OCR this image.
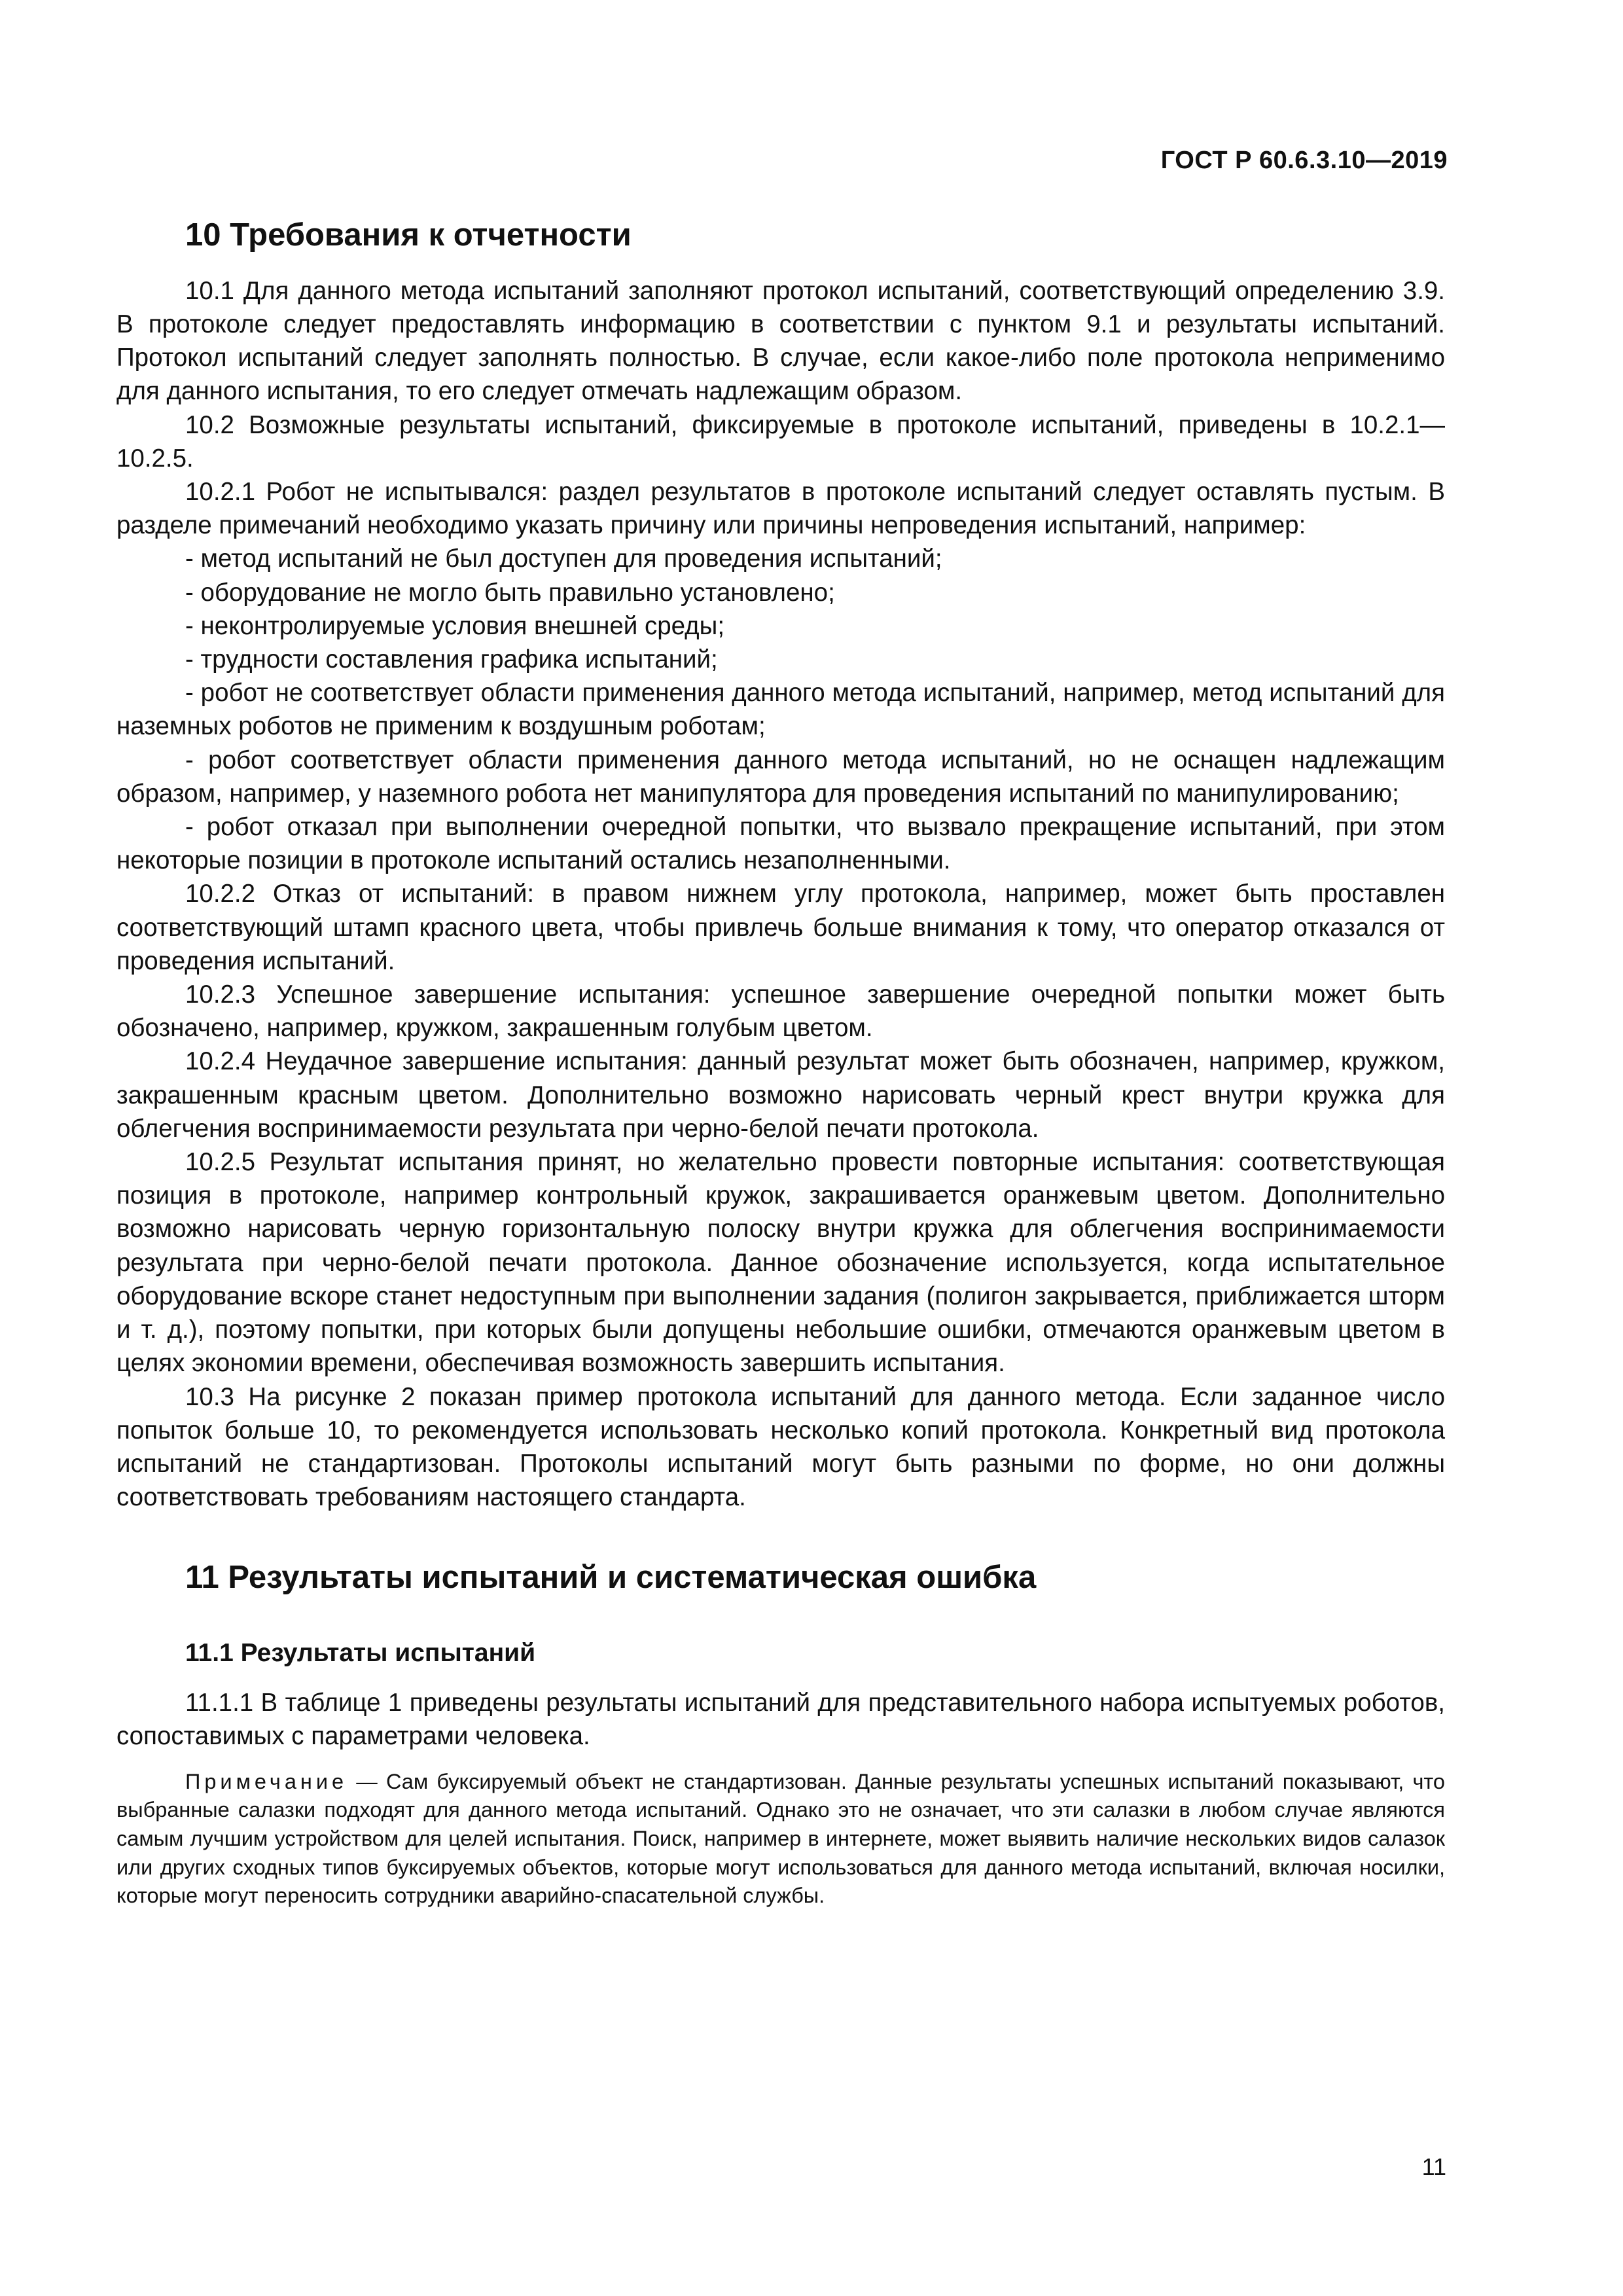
ГОСТ Р 60.6.3.10—2019
10 Требования к отчетности

10.1 Для данного метода испытаний заполняют протокол испытаний, соответствующий определению 3.9. В протоколе следует предоставлять информацию в соответствии с пунктом 9.1 и результаты испытаний. Протокол испытаний следует заполнять полностью. В случае, если какое-либо поле протокола неприменимо для данного испытания, то его следует отмечать надлежащим образом.

10.2 Возможные результаты испытаний, фиксируемые в протоколе испытаний, приведены в 10.2.1—10.2.5.

10.2.1 Робот не испытывался: раздел результатов в протоколе испытаний следует оставлять пустым. В разделе примечаний необходимо указать причину или причины непроведения испытаний, например:

- метод испытаний не был доступен для проведения испытаний;

- оборудование не могло быть правильно установлено;

- неконтролируемые условия внешней среды;

- трудности составления графика испытаний;

- робот не соответствует области применения данного метода испытаний, например, метод испытаний для наземных роботов не применим к воздушным роботам;

- робот соответствует области применения данного метода испытаний, но не оснащен надлежащим образом, например, у наземного робота нет манипулятора для проведения испытаний по манипулированию;

- робот отказал при выполнении очередной попытки, что вызвало прекращение испытаний, при этом некоторые позиции в протоколе испытаний остались незаполненными.

10.2.2 Отказ от испытаний: в правом нижнем углу протокола, например, может быть проставлен соответствующий штамп красного цвета, чтобы привлечь больше внимания к тому, что оператор отказался от проведения испытаний.

10.2.3 Успешное завершение испытания: успешное завершение очередной попытки может быть обозначено, например, кружком, закрашенным голубым цветом.

10.2.4 Неудачное завершение испытания: данный результат может быть обозначен, например, кружком, закрашенным красным цветом. Дополнительно возможно нарисовать черный крест внутри кружка для облегчения воспринимаемости результата при черно-белой печати протокола.

10.2.5 Результат испытания принят, но желательно провести повторные испытания: соответствующая позиция в протоколе, например контрольный кружок, закрашивается оранжевым цветом. Дополнительно возможно нарисовать черную горизонтальную полоску внутри кружка для облегчения воспринимаемости результата при черно-белой печати протокола. Данное обозначение используется, когда испытательное оборудование вскоре станет недоступным при выполнении задания (полигон закрывается, приближается шторм и т. д.), поэтому попытки, при которых были допущены небольшие ошибки, отмечаются оранжевым цветом в целях экономии времени, обеспечивая возможность завершить испытания.

10.3 На рисунке 2 показан пример протокола испытаний для данного метода. Если заданное число попыток больше 10, то рекомендуется использовать несколько копий протокола. Конкретный вид протокола испытаний не стандартизован. Протоколы испытаний могут быть разными по форме, но они должны соответствовать требованиям настоящего стандарта.

11 Результаты испытаний и систематическая ошибка
11.1 Результаты испытаний

11.1.1 В таблице 1 приведены результаты испытаний для представительного набора испытуемых роботов, сопоставимых с параметрами человека.

Примечание — Сам буксируемый объект не стандартизован. Данные результаты успешных испытаний показывают, что выбранные салазки подходят для данного метода испытаний. Однако это не означает, что эти салазки в любом случае являются самым лучшим устройством для целей испытания. Поиск, например в интернете, может выявить наличие нескольких видов салазок или других сходных типов буксируемых объектов, которые могут использоваться для данного метода испытаний, включая носилки, которые могут переносить сотрудники аварийно-спасательной службы.

11
